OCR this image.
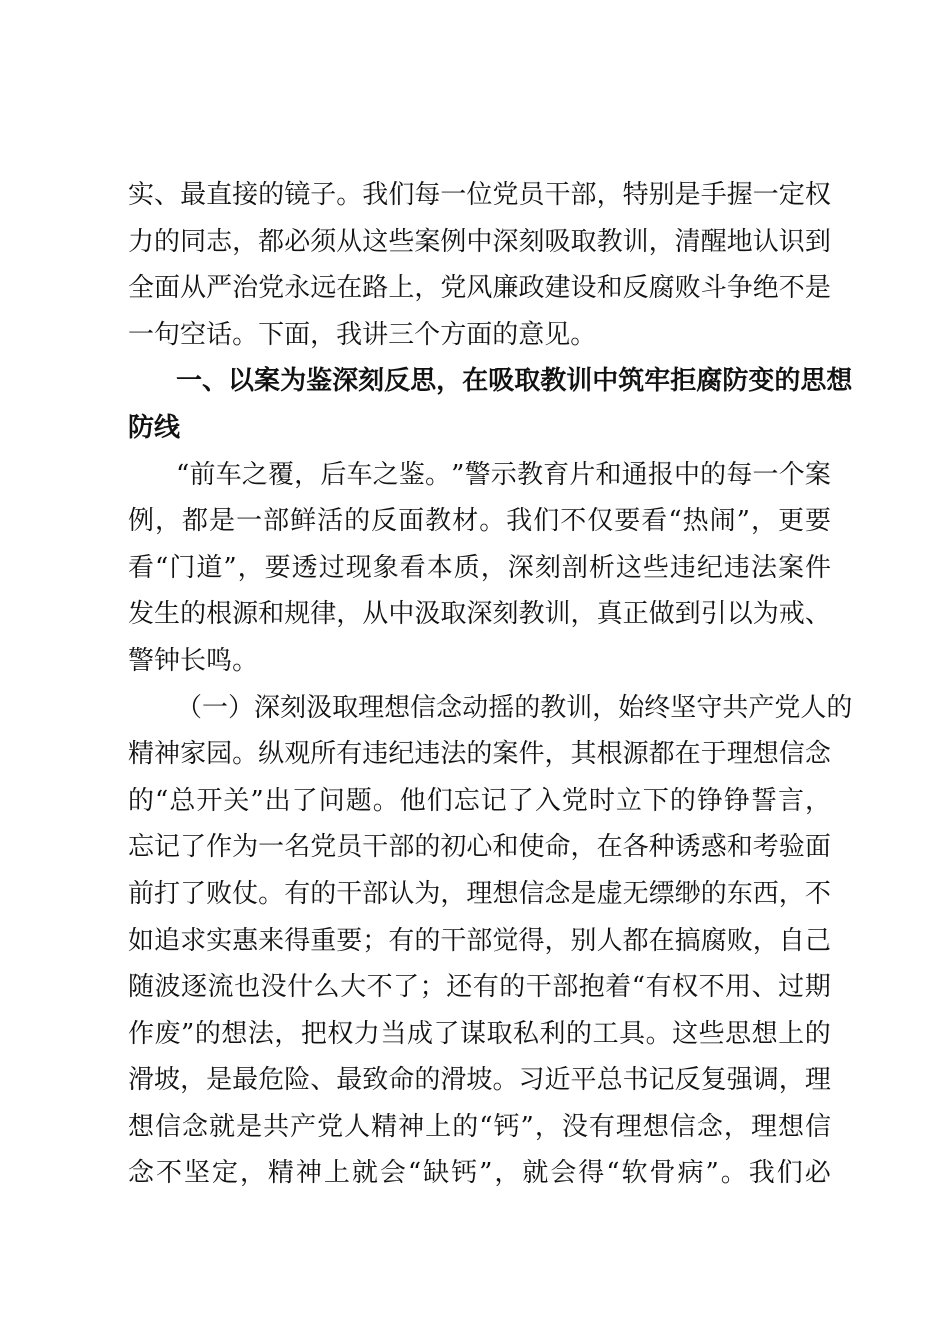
实 、 最 直 接 的 镜 子 。 我 们 每 一 位 党 员 干 部 ， 特 别 是 手 握 一 定 权
力 的 同 志 ， 都 必 须 从 这 些 案 例 中 深 刻 吸 取 教 训 ， 清 醒 地 认 识 到
全 面 从 严 治 党 永 远 在 路 上 ， 党 风 廉 政 建 设 和 反 腐 败 斗 争 绝 不 是
一 句 空 话 。 下 面 ， 我 讲 三 个 方 面 的 意 见 。
一 、 以 案 为 鉴 深 刻 反 思 ， 在 吸 取 教 训 中 筑 牢 拒 腐 防 变 的 思 想
防 线
“ 前 车 之 覆 ， 后 车 之 鉴 。 ” 警 示 教 育 片 和 通 报 中 的 每 一 个 案
例 ， 都 是 一 部 鲜 活 的 反 面 教 材 。 我 们 不 仅 要 看 “ 热 闹 ” ， 更 要
看 “ 门 道 ” ， 要 透 过 现 象 看 本 质 ， 深 刻 剖 析 这 些 违 纪 违 法 案 件
发 生 的 根 源 和 规 律 ， 从 中 汲 取 深 刻 教 训 ， 真 正 做 到 引 以 为 戒 、
警 钟 长 鸣 。
（ 一 ） 深 刻 汲 取 理 想 信 念 动 摇 的 教 训 ， 始 终 坚 守 共 产 党 人 的
精 神 家 园 。 纵 观 所 有 违 纪 违 法 的 案 件 ， 其 根 源 都 在 于 理 想 信 念
的 “ 总 开 关 ” 出 了 问 题 。 他 们 忘 记 了 入 党 时 立 下 的 铮 铮 誓 言 ，
忘 记 了 作 为 一 名 党 员 干 部 的 初 心 和 使 命 ， 在 各 种 诱 惑 和 考 验 面
前 打 了 败 仗 。 有 的 干 部 认 为 ， 理 想 信 念 是 虚 无 缥 缈 的 东 西 ， 不
如 追 求 实 惠 来 得 重 要 ； 有 的 干 部 觉 得 ， 别 人 都 在 搞 腐 败 ， 自 己
随 波 逐 流 也 没 什 么 大 不 了 ； 还 有 的 干 部 抱 着 “ 有 权 不 用 、 过 期
作 废 ” 的 想 法 ， 把 权 力 当 成 了 谋 取 私 利 的 工 具 。 这 些 思 想 上 的
滑 坡 ， 是 最 危 险 、 最 致 命 的 滑 坡 。 习 近 平 总 书 记 反 复 强 调 ， 理
想 信 念 就 是 共 产 党 人 精 神 上 的 “ 钙 ” ， 没 有 理 想 信 念 ， 理 想 信
念 不 坚 定 ， 精 神 上 就 会 “ 缺 钙 ” ， 就 会 得 “ 软 骨 病 ” 。 我 们 必
